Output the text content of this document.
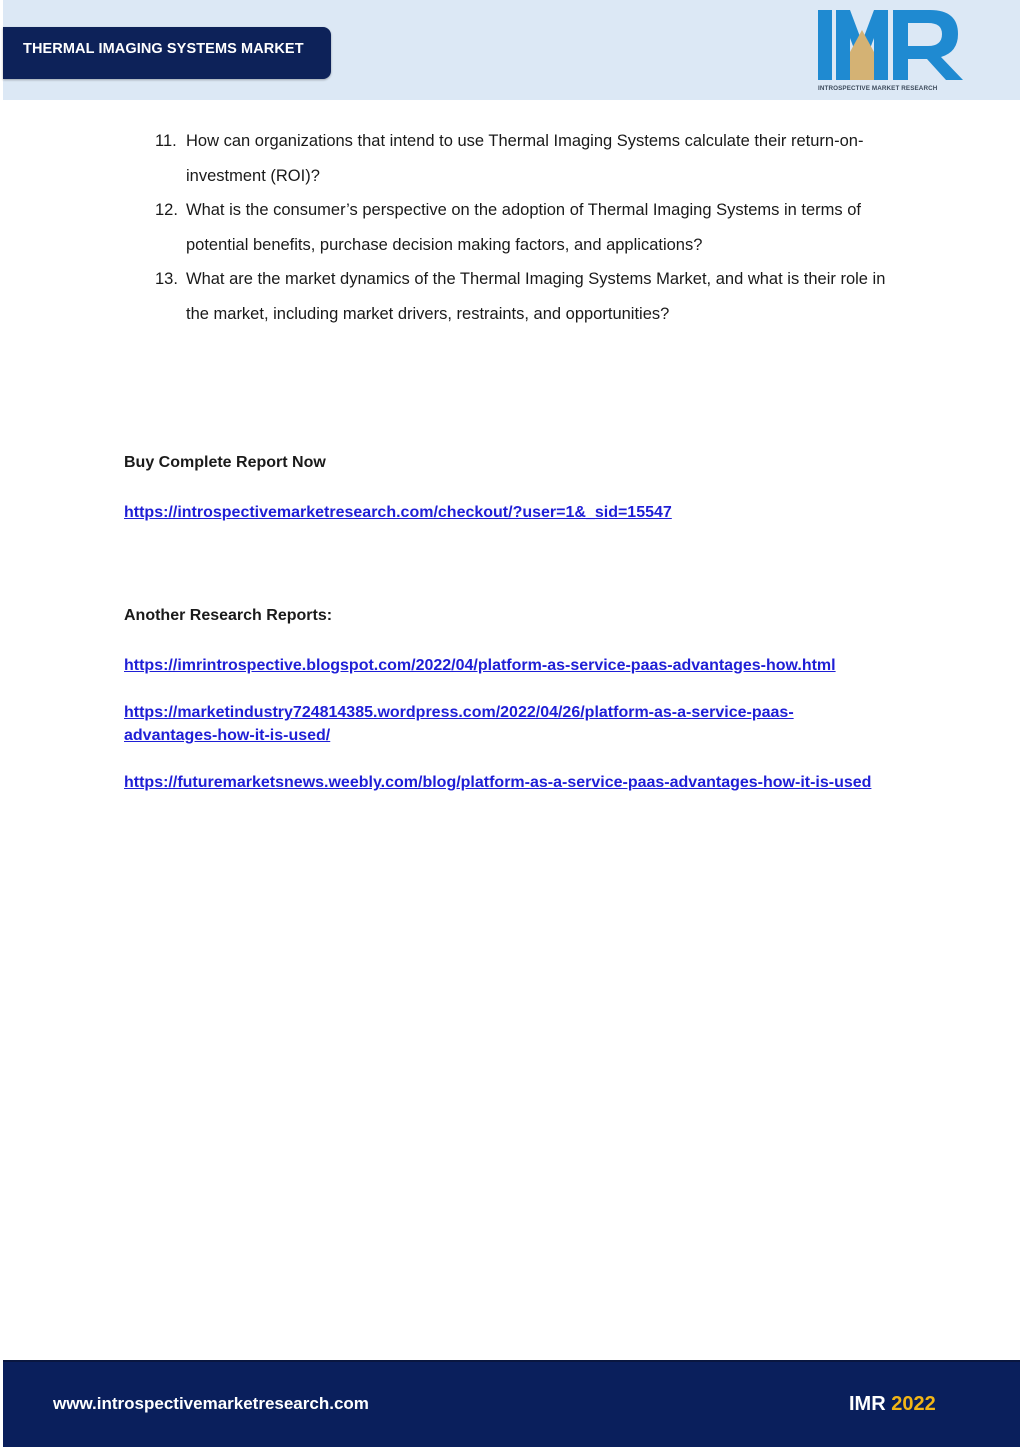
THERMAL IMAGING SYSTEMS MARKET
INTROSPECTIVE MARKET RESEARCH
11. How can organizations that intend to use Thermal Imaging Systems calculate their return-on-investment (ROI)?
12. What is the consumer’s perspective on the adoption of Thermal Imaging Systems in terms of potential benefits, purchase decision making factors, and applications?
13. What are the market dynamics of the Thermal Imaging Systems Market, and what is their role in the market, including market drivers, restraints, and opportunities?
Buy Complete Report Now
https://introspectivemarketresearch.com/checkout/?user=1&_sid=15547
Another Research Reports:
https://imrintrospective.blogspot.com/2022/04/platform-as-service-paas-advantages-how.html
https://marketindustry724814385.wordpress.com/2022/04/26/platform-as-a-service-paas-advantages-how-it-is-used/
https://futuremarketsnews.weebly.com/blog/platform-as-a-service-paas-advantages-how-it-is-used
www.introspectivemarketresearch.com	IMR 2022
